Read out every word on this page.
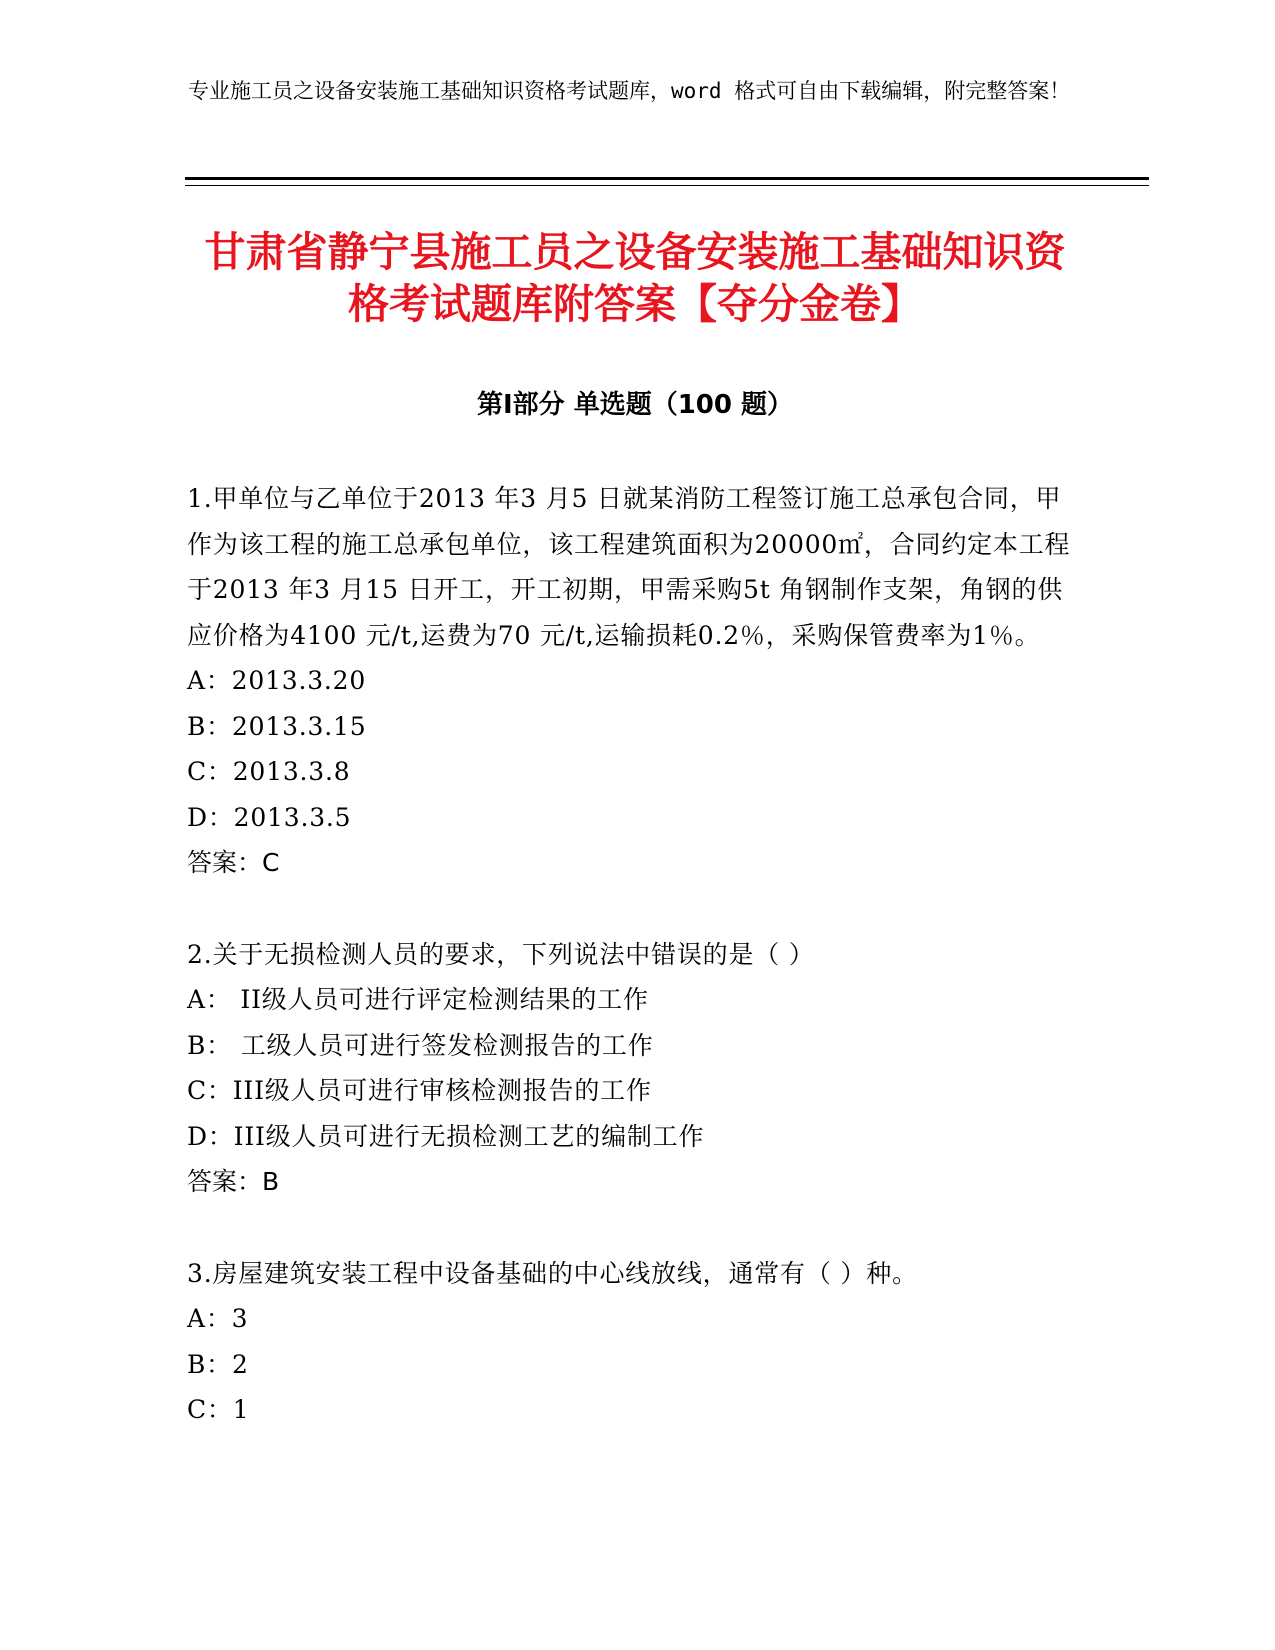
专业施工员之设备安装施工基础知识资格考试题库，word 格式可自由下载编辑，附完整答案！
甘肃省静宁县施工员之设备安装施工基础知识资格考试题库附答案【夺分金卷】
第Ⅰ部分 单选题（100 题）

1.甲单位与乙单位于2013 年3 月5 日就某消防工程签订施工总承包合同，甲作为该工程的施工总承包单位，该工程建筑面积为20000㎡，合同约定本工程于2013 年3 月15 日开工，开工初期，甲需采购5t 角钢制作支架，角钢的供应价格为4100 元/t,运费为70 元/t,运输损耗0.2％，采购保管费率为1％。

A：2013.3.20

B：2013.3.15

C：2013.3.8

D：2013.3.5

答案：C

2.关于无损检测人员的要求，下列说法中错误的是（ ）

A： II级人员可进行评定检测结果的工作

B： 工级人员可进行签发检测报告的工作

C：III级人员可进行审核检测报告的工作

D：III级人员可进行无损检测工艺的编制工作

答案：B

3.房屋建筑安装工程中设备基础的中心线放线，通常有（ ）种。

A：3

B：2

C：1
